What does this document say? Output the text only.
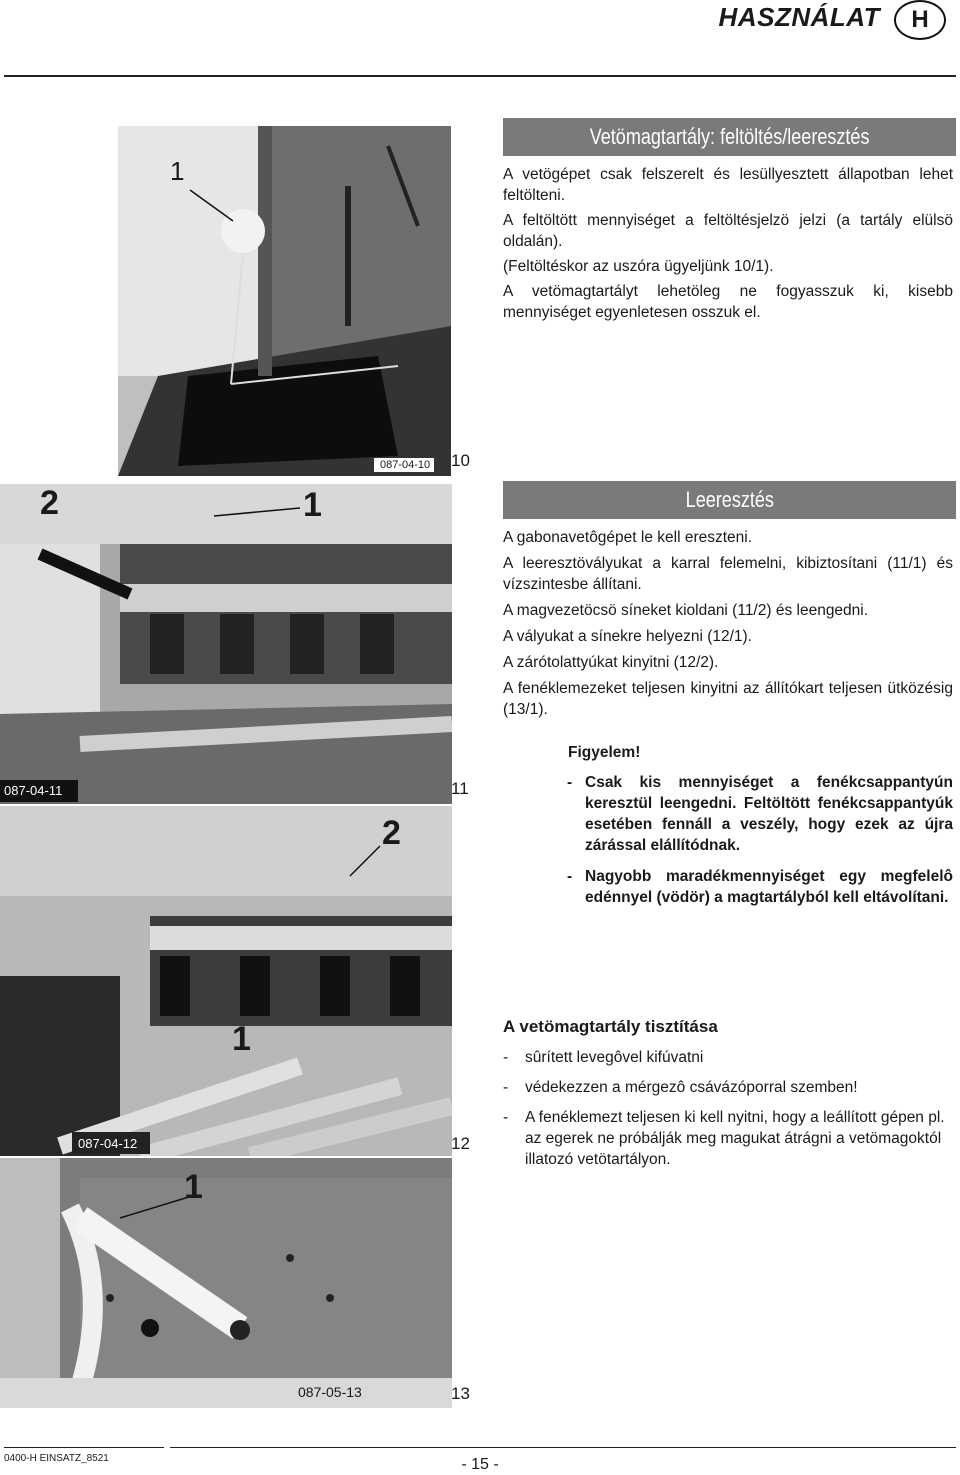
HASZNÁLAT	H
1
087-04-10 10
2	1
087-04-11	11
2
1
087-04-12	12
1
087-05-13	13
Vetömagtartály: feltöltés/leeresztés

A vetögépet csak felszerelt és lesüllyesztett állapotban lehet feltölteni.

A feltöltött mennyiséget a feltöltésjelzö jelzi (a tartály elülsö oldalán).

(Feltöltéskor az uszóra ügyeljünk 10/1).

A vetömagtartályt lehetöleg ne fogyasszuk ki, kisebb mennyiséget egyenletesen osszuk el.

Leeresztés

A gabonavetôgépet le kell ereszteni.

A leeresztövályukat a karral felemelni, kibiztosítani (11/1) és vízszintesbe állítani.

A magvezetöcsö síneket kioldani (11/2) és leengedni.

A vályukat a sínekre helyezni (12/1).

A zárótolattyúkat kinyitni (12/2).

A fenéklemezeket teljesen kinyitni az állítókart teljesen ütközésig (13/1).

Figyelem!
- Csak kis mennyiséget a fenékcsappantyún keresztül leengedni. Feltöltött fenékcsappantyúk esetében fennáll a veszély, hogy ezek az újra zárással elállítódnak.
- Nagyobb maradékmennyiséget egy megfelelô edénnyel (vödör) a magtartályból kell eltávolítani.
A vetömagtartály tisztítása
- sûrített levegôvel kifúvatni
- védekezzen a mérgezô csávázóporral szemben!
- A fenéklemezt teljesen ki kell nyitni, hogy a leállított gépen pl. az egerek ne próbálják meg magukat átrágni a vetömagoktól illatozó vetötartályon.
0400-H EINSATZ_8521	- 15 -
